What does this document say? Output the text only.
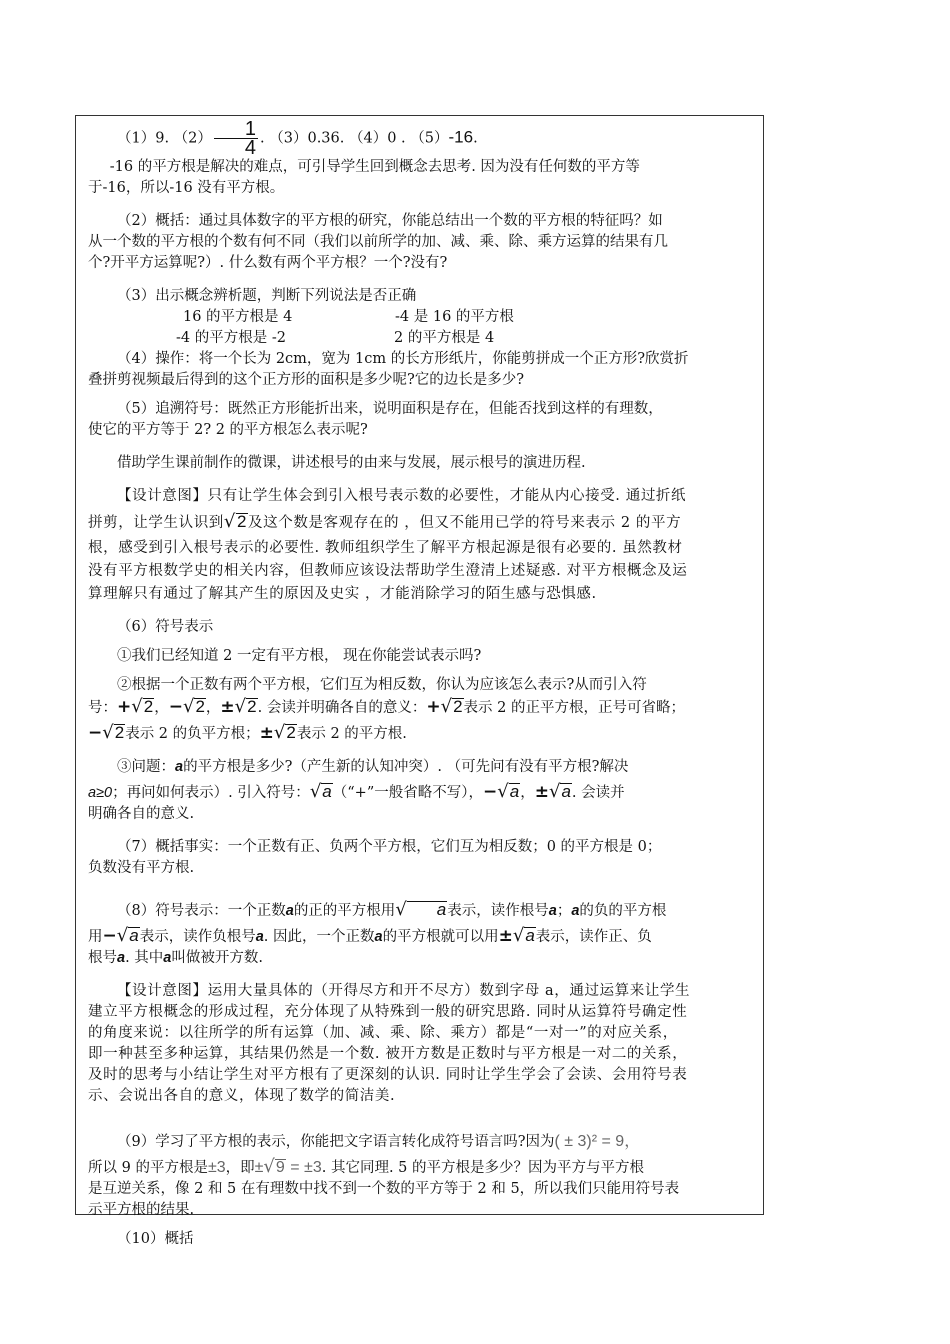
（1）9. $(2) \frac{1}{4}$ . （3）0.36. （4）0 . （5）-16.

-16 的平方根是解决的难点，可引导学生回到概念去思考. 因为没有任何数的平方等

于-16，所以-16 没有平方根。

（2）概括：通过具体数字的平方根的研究，你能总结出一个数的平方根的特征吗？如

从一个数的平方根的个数有何不同（我们以前所学的加、减、乘、除、乘方运算的结果有几

个?开平方运算呢?）. 什么数有两个平方根？一个?没有?

（3）出示概念辨析题，判断下列说法是否正确

16 的平方根是 4	-4 是 16 的平方根

-4 的平方根是 -2	2 的平方根是 4

（4）操作：将一个长为 2cm，宽为 1cm 的长方形纸片，你能剪拼成一个正方形?欣赏折

叠拼剪视频最后得到的这个正方形的面积是多少呢?它的边长是多少?

（5）追溯符号：既然正方形能折出来，说明面积是存在，但能否找到这样的有理数，

使它的平方等于 2? 2 的平方根怎么表示呢?

借助学生课前制作的微课，讲述根号的由来与发展，展示根号的演进历程.

【设计意图】只有让学生体会到引入根号表示数的必要性，才能从内心接受. 通过折纸

拼剪，让学生认识到√2及这个数是客观存在的 ，但又不能用已学的符号来表示 2 的平方

根，感受到引入根号表示的必要性. 教师组织学生了解平方根起源是很有必要的. 虽然教材

没有平方根数学史的相关内容，但教师应该设法帮助学生澄清上述疑惑. 对平方根概念及运

算理解只有通过了解其产生的原因及史实 ，才能消除学习的陌生感与恐惧感.

（6）符号表示

①我们已经知道 2 一定有平方根， 现在你能尝试表示吗?

②根据一个正数有两个平方根，它们互为相反数，你认为应该怎么表示?从而引入符

号：+√2，−√2，±√2. 会读并明确各自的意义：+√2表示 2 的正平方根，正号可省略；

−√2表示 2 的负平方根；±√2表示 2 的平方根.

③问题：a的平方根是多少?（产生新的认知冲突）. （可先问有没有平方根?解决

a≥0；再问如何表示）. 引入符号：√a（“+”一般省略不写），−√a，±√a. 会读并

明确各自的意义.

（7）概括事实：一个正数有正、负两个平方根，它们互为相反数；0 的平方根是 0；

负数没有平方根.

（8）符号表示：一个正数a的正的平方根用√ a表示，读作根号a；a的负的平方根

用−√a表示，读作负根号a. 因此，一个正数a的平方根就可以用±√a表示，读作正、负

根号a. 其中a叫做被开方数.

【设计意图】运用大量具体的（开得尽方和开不尽方）数到字母 a，通过运算来让学生

建立平方根概念的形成过程，充分体现了从特殊到一般的研究思路. 同时从运算符号确定性

的角度来说：以往所学的所有运算（加、减、乘、除、乘方）都是“一对一”的对应关系，

即一种甚至多种运算，其结果仍然是一个数. 被开方数是正数时与平方根是一对二的关系，

及时的思考与小结让学生对平方根有了更深刻的认识. 同时让学生学会了会读、会用符号表

示、会说出各自的意义，体现了数学的简洁美.

（9）学习了平方根的表示，你能把文字语言转化成符号语言吗?因为( ± 3)² = 9，

所以 9 的平方根是±3，即±√9 = ±3. 其它同理. 5 的平方根是多少？因为平方与平方根

是互逆关系，像 2 和 5 在有理数中找不到一个数的平方等于 2 和 5，所以我们只能用符号表

示平方根的结果.

（10）概括
